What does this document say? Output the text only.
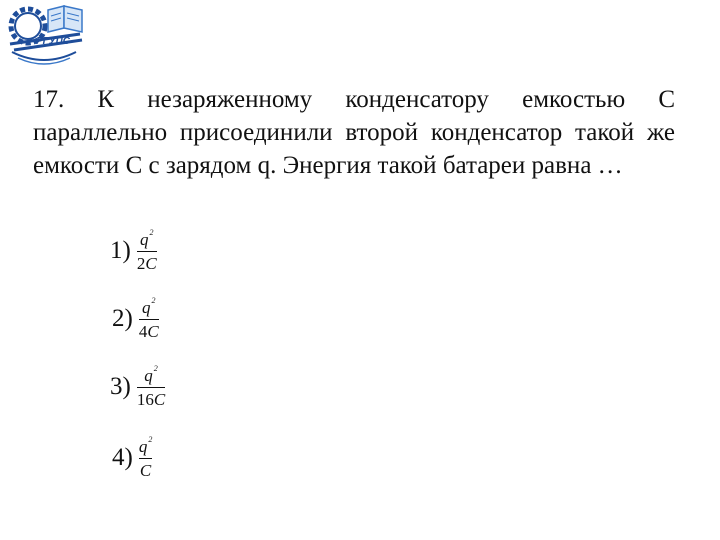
РГУПС

17. К незаряженному конденсатору емкостью С параллельно присоединили второй конденсатор такой же емкости С с зарядом q. Энергия такой батареи равна …

$1) \frac{q^2}{2C}$
$2) \frac{q^2}{4C}$
$3) \frac{q^2}{16C}$
$4) \frac{q^2}{C}$
